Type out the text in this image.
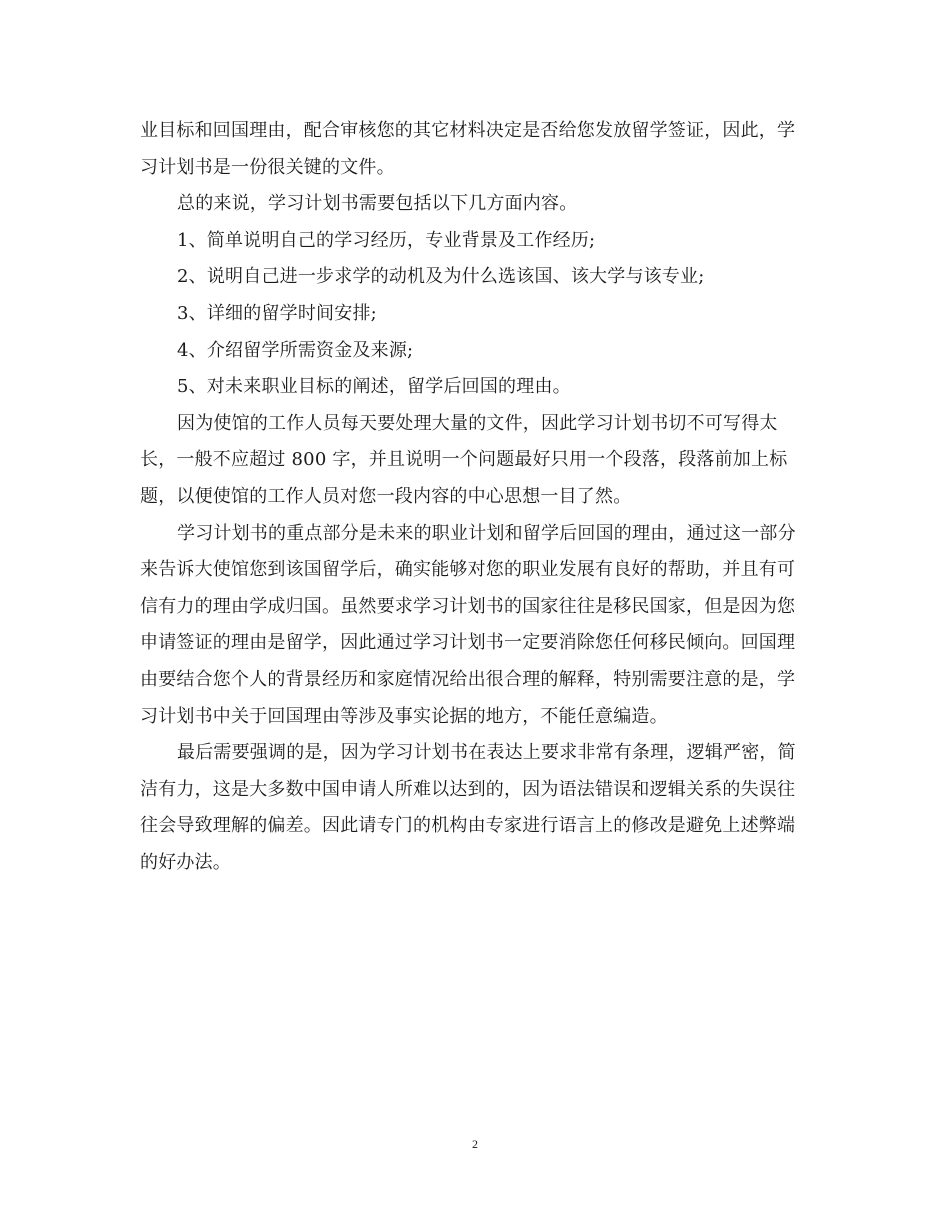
业目标和回国理由，配合审核您的其它材料决定是否给您发放留学签证，因此，学
习计划书是一份很关键的文件。
总的来说，学习计划书需要包括以下几方面内容。
1、简单说明自己的学习经历，专业背景及工作经历;
2、说明自己进一步求学的动机及为什么选该国、该大学与该专业;
3、详细的留学时间安排;
4、介绍留学所需资金及来源;
5、对未来职业目标的阐述，留学后回国的理由。
因为使馆的工作人员每天要处理大量的文件，因此学习计划书切不可写得太
长，一般不应超过 800 字，并且说明一个问题最好只用一个段落，段落前加上标
题，以便使馆的工作人员对您一段内容的中心思想一目了然。
学习计划书的重点部分是未来的职业计划和留学后回国的理由，通过这一部分
来告诉大使馆您到该国留学后，确实能够对您的职业发展有良好的帮助，并且有可
信有力的理由学成归国。虽然要求学习计划书的国家往往是移民国家，但是因为您
申请签证的理由是留学，因此通过学习计划书一定要消除您任何移民倾向。回国理
由要结合您个人的背景经历和家庭情况给出很合理的解释，特别需要注意的是，学
习计划书中关于回国理由等涉及事实论据的地方，不能任意编造。
最后需要强调的是，因为学习计划书在表达上要求非常有条理，逻辑严密，简
洁有力，这是大多数中国申请人所难以达到的，因为语法错误和逻辑关系的失误往
往会导致理解的偏差。因此请专门的机构由专家进行语言上的修改是避免上述弊端
的好办法。
2
